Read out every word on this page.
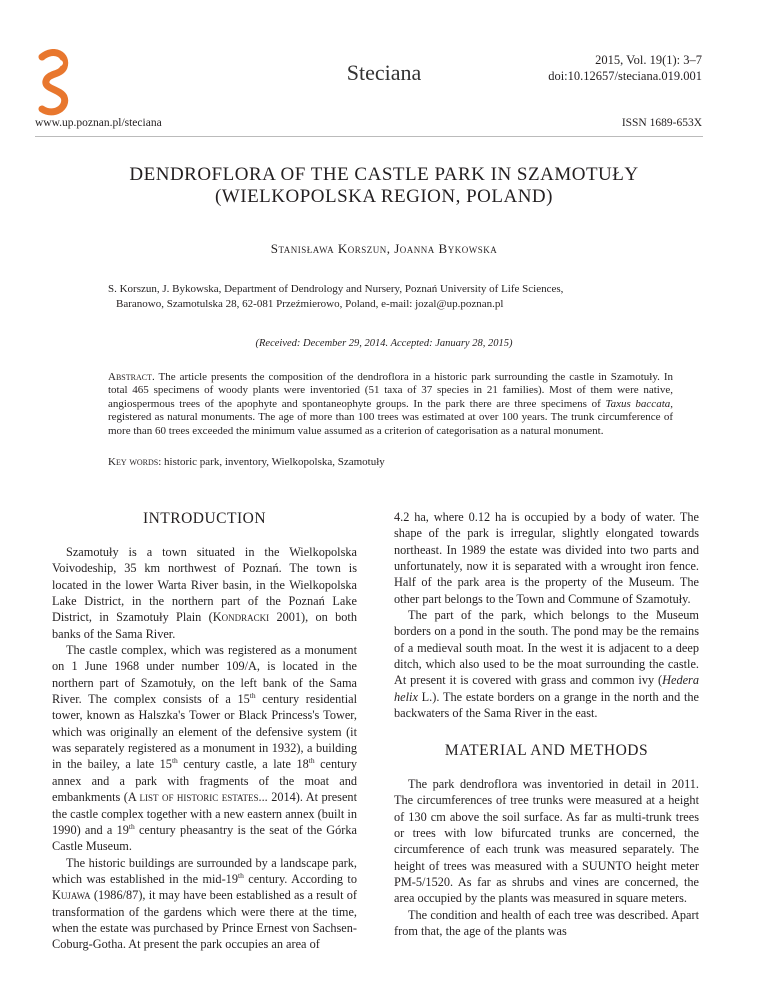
Steciana	2015, Vol. 19(1): 3–7
doi:10.12657/steciana.019.001
www.up.poznan.pl/steciana	ISSN 1689-653X
DENDROFLORA OF THE CASTLE PARK IN SZAMOTUŁY
(WIELKOPOLSKA REGION, POLAND)
Stanisława Korszun, Joanna Bykowska
S. Korszun, J. Bykowska, Department of Dendrology and Nursery, Poznań University of Life Sciences,
Baranowo, Szamotulska 28, 62-081 Przeźmierowo, Poland, e-mail: jozal@up.poznan.pl
(Received: December 29, 2014. Accepted: January 28, 2015)
Abstract. The article presents the composition of the dendroflora in a historic park surrounding the castle in Szamotuły. In total 465 specimens of woody plants were inventoried (51 taxa of 37 species in 21 families). Most of them were native, angiospermous trees of the apophyte and spontaneophyte groups. In the park there are three specimens of Taxus baccata, registered as natural monuments. The age of more than 100 trees was estimated at over 100 years. The trunk circumference of more than 60 trees exceeded the minimum value assumed as a criterion of categorisation as a natural monument.
Key words: historic park, inventory, Wielkopolska, Szamotuły
INTRODUCTION

Szamotuły is a town situated in the Wielkopolska Voivodeship, 35 km northwest of Poznań. The town is located in the lower Warta River basin, in the Wielkopolska Lake District, in the northern part of the Poznań Lake District, in Szamotuły Plain (Kondracki 2001), on both banks of the Sama River.

The castle complex, which was registered as a monument on 1 June 1968 under number 109/A, is located in the northern part of Szamotuły, on the left bank of the Sama River. The complex consists of a 15th century residential tower, known as Halszka's Tower or Black Princess's Tower, which was originally an element of the defensive system (it was separately registered as a monument in 1932), a building in the bailey, a late 15th century castle, a late 18th century annex and a park with fragments of the moat and embankments (A list of historic estates... 2014). At present the castle complex together with a new eastern annex (built in 1990) and a 19th century pheasantry is the seat of the Górka Castle Museum.

The historic buildings are surrounded by a landscape park, which was established in the mid-19th century. According to Kujawa (1986/87), it may have been established as a result of transformation of the gardens which were there at the time, when the estate was purchased by Prince Ernest von Sachsen-Coburg-Gotha. At present the park occupies an area of

4.2 ha, where 0.12 ha is occupied by a body of water. The shape of the park is irregular, slightly elongated towards northeast. In 1989 the estate was divided into two parts and unfortunately, now it is separated with a wrought iron fence. Half of the park area is the property of the Museum. The other part belongs to the Town and Commune of Szamotuły.

The part of the park, which belongs to the Museum borders on a pond in the south. The pond may be the remains of a medieval south moat. In the west it is adjacent to a deep ditch, which also used to be the moat surrounding the castle. At present it is covered with grass and common ivy (Hedera helix L.). The estate borders on a grange in the north and the backwaters of the Sama River in the east.

MATERIAL AND METHODS

The park dendroflora was inventoried in detail in 2011. The circumferences of tree trunks were measured at a height of 130 cm above the soil surface. As far as multi-trunk trees or trees with low bifurcated trunks are concerned, the circumference of each trunk was measured separately. The height of trees was measured with a SUUNTO height meter PM-5/1520. As far as shrubs and vines are concerned, the area occupied by the plants was measured in square meters.

The condition and health of each tree was described. Apart from that, the age of the plants was
